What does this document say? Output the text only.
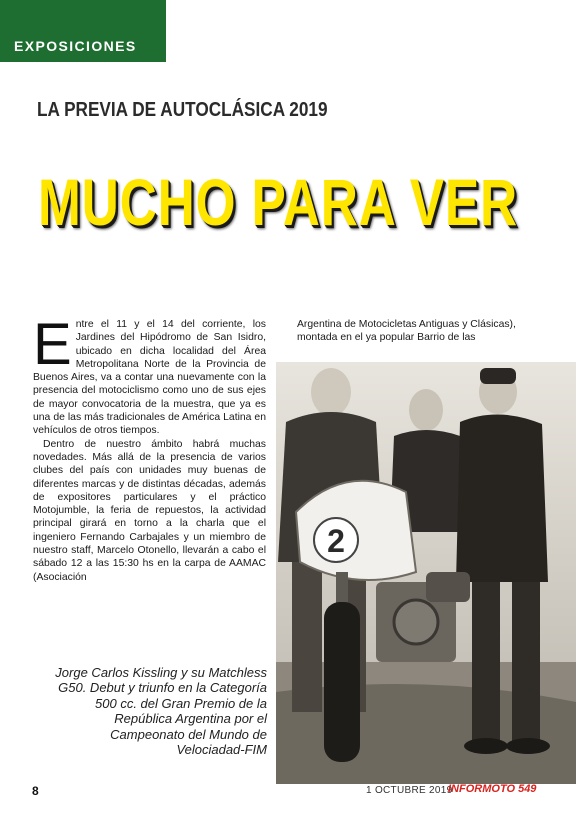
EXPOSICIONES
LA PREVIA DE AUTOCLÁSICA 2019
MUCHO PARA VER

Entre el 11 y el 14 del corriente, los Jardines del Hipódromo de San Isidro, ubicado en dicha localidad del Área Metropolitana Norte de la Provincia de Buenos Aires, va a contar una nuevamente con la presencia del motociclismo como uno de sus ejes de mayor convocatoria de la muestra, que ya es una de las más tradicionales de América Latina en vehículos de otros tiempos.

Dentro de nuestro ámbito habrá muchas novedades. Más allá de la presencia de varios clubes del país con unidades muy buenas de diferentes marcas y de distintas décadas, además de expositores particulares y el práctico Motojumble, la feria de repuestos, la actividad principal girará en torno a la charla que el ingeniero Fernando Carbajales y un miembro de nuestro staff, Marcelo Otonello, llevarán a cabo el sábado 12 a las 15:30 hs en la carpa de AAMAC (Asociación

Argentina de Motocicletas Antiguas y Clásicas), montada en el ya popular Barrio de las
2
Jorge Carlos Kissling y su Matchless G50. Debut y triunfo en la Categoría 500 cc. del Gran Premio de la República Argentina por el Campeonato del Mundo de Velociadad-FIM
8	1 OCTUBRE 2019
INFORMOTO 549
